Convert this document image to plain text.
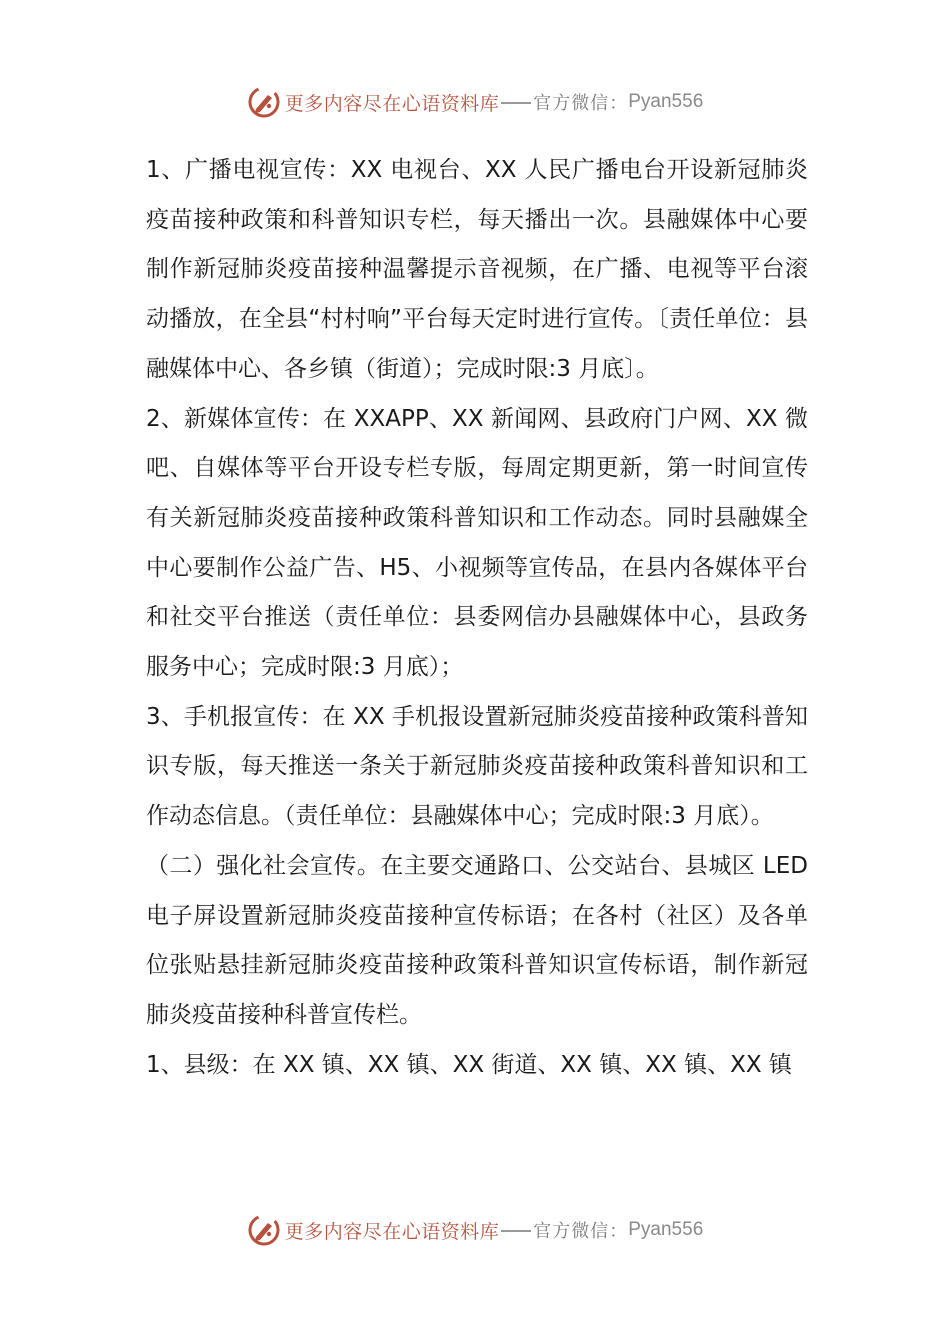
更多内容尽在心语资料库 官方微信： Pyan556

1、广播电视宣传：XX 电视台、XX 人民广播电台开设新冠肺炎疫苗接种政策和科普知识专栏，每天播出一次。县融媒体中心要制作新冠肺炎疫苗接种温馨提示音视频，在广播、电视等平台滚动播放，在全县“村村响”平台每天定时进行宣传。〔责任单位：县融媒体中心、各乡镇（街道）；完成时限:3 月底〕。

2、新媒体宣传：在 XXAPP、XX 新闻网、县政府门户网、XX 微吧、自媒体等平台开设专栏专版，每周定期更新，第一时间宣传有关新冠肺炎疫苗接种政策科普知识和工作动态。同时县融媒全中心要制作公益广告、H5、小视频等宣传品，在县内各媒体平台和社交平台推送（责任单位：县委网信办县融媒体中心，县政务服务中心；完成时限:3 月底）；

3、手机报宣传：在 XX 手机报设置新冠肺炎疫苗接种政策科普知识专版，每天推送一条关于新冠肺炎疫苗接种政策科普知识和工作动态信息。（责任单位：县融媒体中心；完成时限:3 月底）。

（二）强化社会宣传。在主要交通路口、公交站台、县城区 LED 电子屏设置新冠肺炎疫苗接种宣传标语；在各村（社区）及各单位张贴悬挂新冠肺炎疫苗接种政策科普知识宣传标语，制作新冠肺炎疫苗接种科普宣传栏。

1、县级：在 XX 镇、XX 镇、XX 街道、XX 镇、XX 镇、XX 镇

更多内容尽在心语资料库 官方微信： Pyan556
